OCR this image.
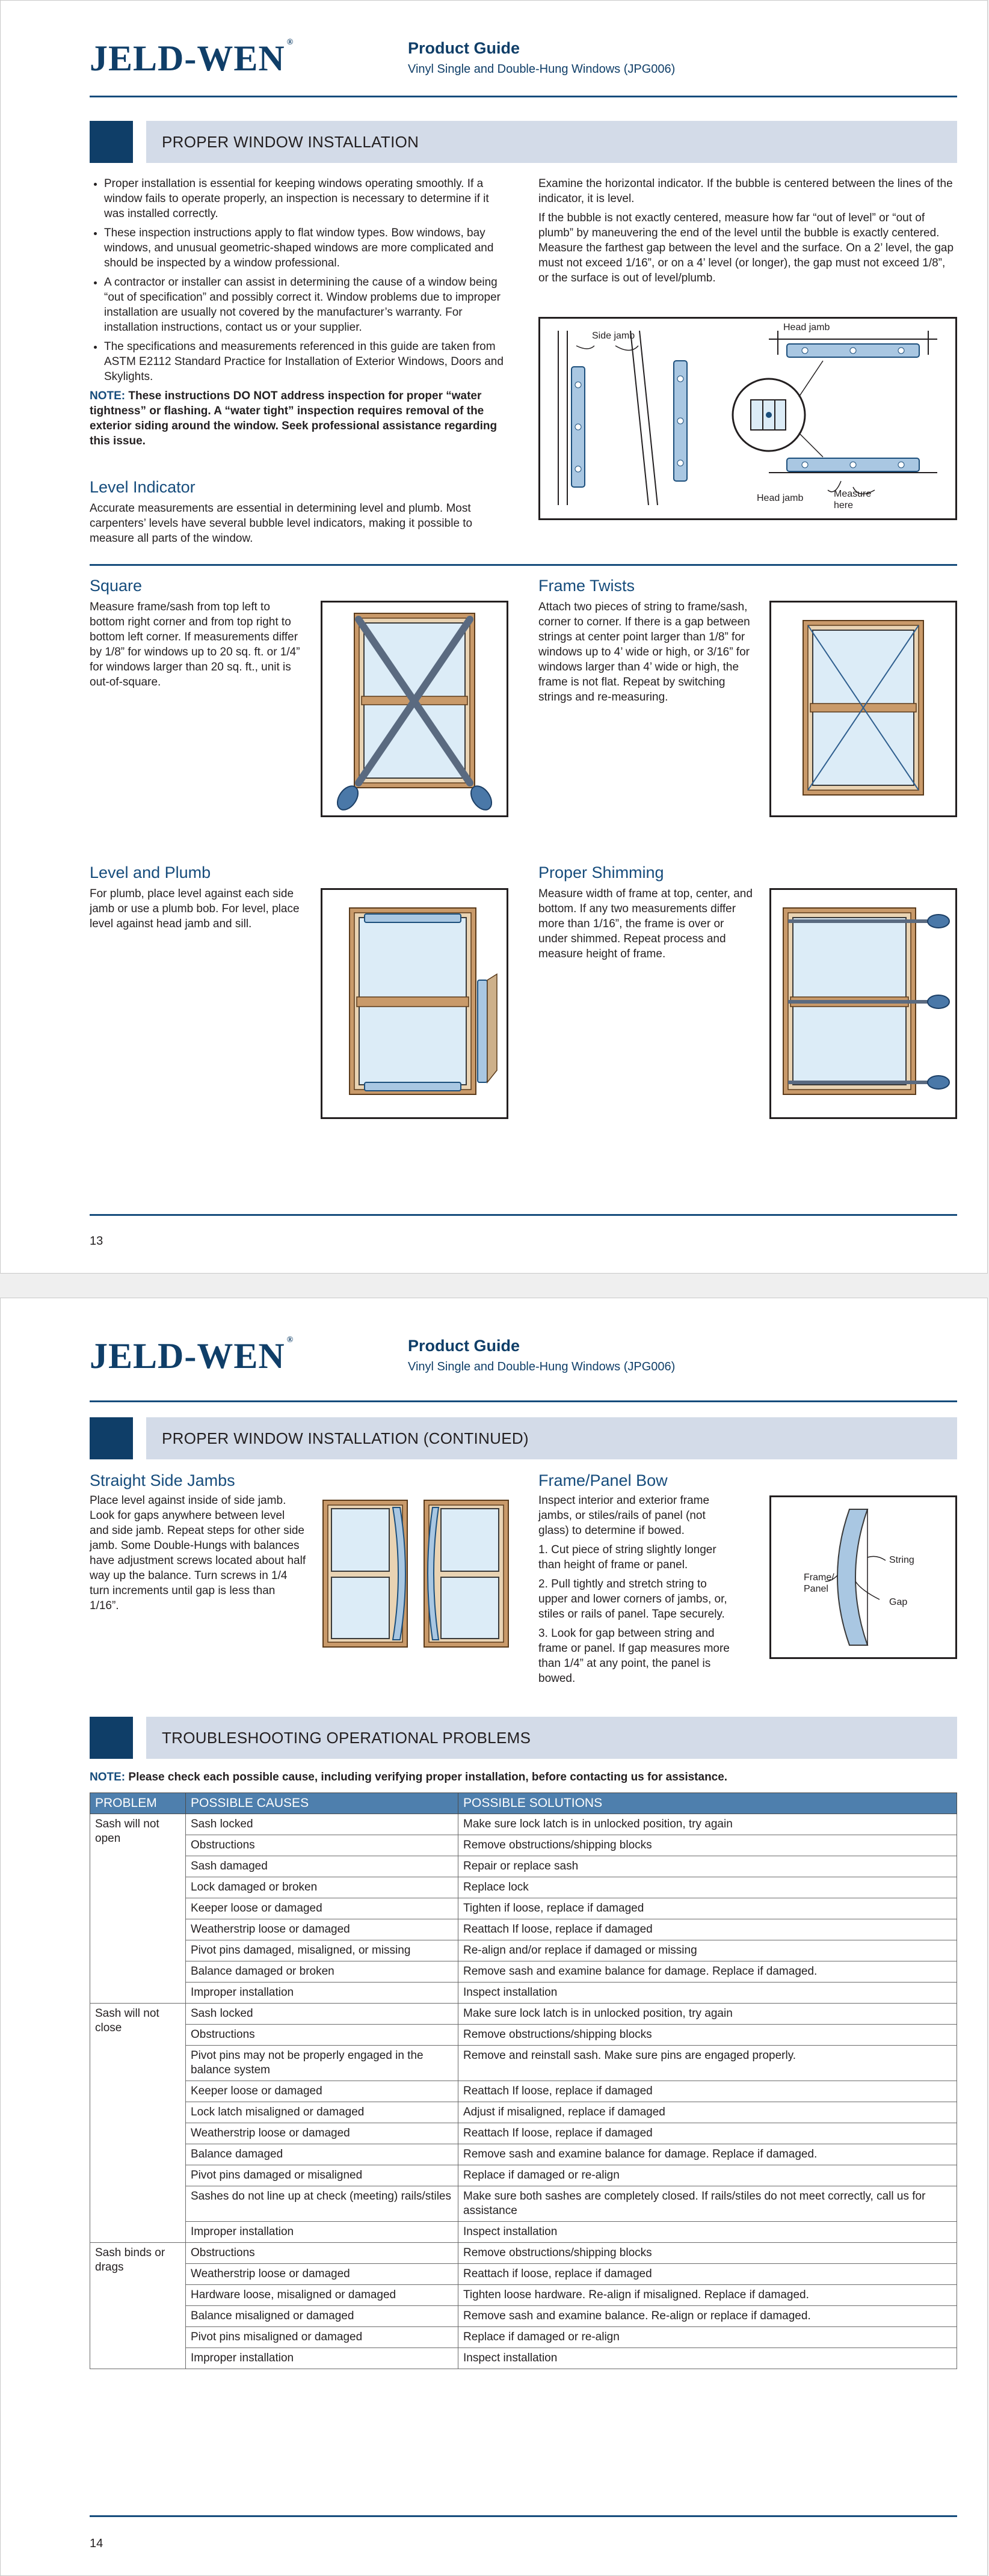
JELD-WEN ®	Product Guide
Vinyl Single and Double-Hung Windows (JPG006)
PROPER WINDOW INSTALLATION
• Proper installation is essential for keeping windows operating smoothly. If a window fails to operate properly, an inspection is necessary to determine if it was installed correctly.
• These inspection instructions apply to flat window types. Bow windows, bay windows, and unusual geometric-shaped windows are more complicated and should be inspected by a window professional.
• A contractor or installer can assist in determining the cause of a window being “out of specification” and possibly correct it. Window problems due to improper installation are usually not covered by the manufacturer’s warranty. For installation instructions, contact us or your supplier.
• The specifications and measurements referenced in this guide are taken from ASTM E2112 Standard Practice for Installation of Exterior Windows, Doors and Skylights.

NOTE: These instructions DO NOT address inspection for proper “water tightness” or flashing. A “water tight” inspection requires removal of the exterior siding around the window. Seek professional assistance regarding this issue.

Level Indicator
Accurate measurements are essential in determining level and plumb. Most carpenters’ levels have several bubble level indicators, making it possible to measure all parts of the window.

Examine the horizontal indicator. If the bubble is centered between the lines of the indicator, it is level.

If the bubble is not exactly centered, measure how far “out of level” or “out of plumb” by maneuvering the end of the level until the bubble is exactly centered. Measure the farthest gap between the level and the surface. On a 2’ level, the gap must not exceed 1/16”, or on a 4’ level (or longer), the gap must not exceed 1/8”, or the surface is out of level/plumb.

Side jamb
Head jamb
Head jamb	Measure here
Square
Measure frame/sash from top left to bottom right corner and from top right to bottom left corner. If measurements differ by 1/8” for windows up to 20 sq. ft. or 1/4” for windows larger than 20 sq. ft., unit is out-of-square.
Frame Twists
Attach two pieces of string to frame/sash, corner to corner. If there is a gap between strings at center point larger than 1/8” for windows up to 4’ wide or high, or 3/16” for windows larger than 4’ wide or high, the frame is not flat. Repeat by switching strings and re-measuring.
Level and Plumb
For plumb, place level against each side jamb or use a plumb bob. For level, place level against head jamb and sill.
Proper Shimming
Measure width of frame at top, center, and bottom. If any two measurements differ more than 1/16”, the frame is over or under shimmed. Repeat process and measure height of frame.
13
JELD-WEN ®	Product Guide
Vinyl Single and Double-Hung Windows (JPG006)
PROPER WINDOW INSTALLATION (CONTINUED)
Straight Side Jambs
Place level against inside of side jamb. Look for gaps anywhere between level and side jamb. Repeat steps for other side jamb. Some Double-Hungs with balances have adjustment screws located about half way up the balance. Turn screws in 1/4 turn increments until gap is less than 1/16”.
Frame/Panel Bow

Inspect interior and exterior frame jambs, or stiles/rails of panel (not glass) to determine if bowed.

1. Cut piece of string slightly longer than height of frame or panel.

2. Pull tightly and stretch string to upper and lower corners of jambs, or, stiles or rails of panel. Tape securely.

3. Look for gap between string and frame or panel. If gap measures more than 1/4” at any point, the panel is bowed.

String
Frame/ Panel
Gap
TROUBLESHOOTING OPERATIONAL PROBLEMS
NOTE: Please check each possible cause, including verifying proper installation, before contacting us for assistance.
PROBLEM	POSSIBLE CAUSES	POSSIBLE SOLUTIONS
Sash will not open	Sash locked	Make sure lock latch is in unlocked position, try again
	Obstructions	Remove obstructions/shipping blocks
	Sash damaged	Repair or replace sash
	Lock damaged or broken	Replace lock
	Keeper loose or damaged	Tighten if loose, replace if damaged
	Weatherstrip loose or damaged	Reattach If loose, replace if damaged
	Pivot pins damaged, misaligned, or missing	Re-align and/or replace if damaged or missing
	Balance damaged or broken	Remove sash and examine balance for damage. Replace if damaged.
	Improper installation	Inspect installation
Sash will not close	Sash locked	Make sure lock latch is in unlocked position, try again
	Obstructions	Remove obstructions/shipping blocks
	Pivot pins may not be properly engaged in the balance system	Remove and reinstall sash. Make sure pins are engaged properly.
	Keeper loose or damaged	Reattach If loose, replace if damaged
	Lock latch misaligned or damaged	Adjust if misaligned, replace if damaged
	Weatherstrip loose or damaged	Reattach If loose, replace if damaged
	Balance damaged	Remove sash and examine balance for damage. Replace if damaged.
	Pivot pins damaged or misaligned	Replace if damaged or re-align
	Sashes do not line up at check (meeting) rails/stiles	Make sure both sashes are completely closed. If rails/stiles do not meet correctly, call us for assistance
	Improper installation	Inspect installation
Sash binds or drags	Obstructions	Remove obstructions/shipping blocks
	Weatherstrip loose or damaged	Reattach if loose, replace if damaged
	Hardware loose, misaligned or damaged	Tighten loose hardware. Re-align if misaligned. Replace if damaged.
	Balance misaligned or damaged	Remove sash and examine balance. Re-align or replace if damaged.
	Pivot pins misaligned or damaged	Replace if damaged or re-align
	Improper installation	Inspect installation
14
